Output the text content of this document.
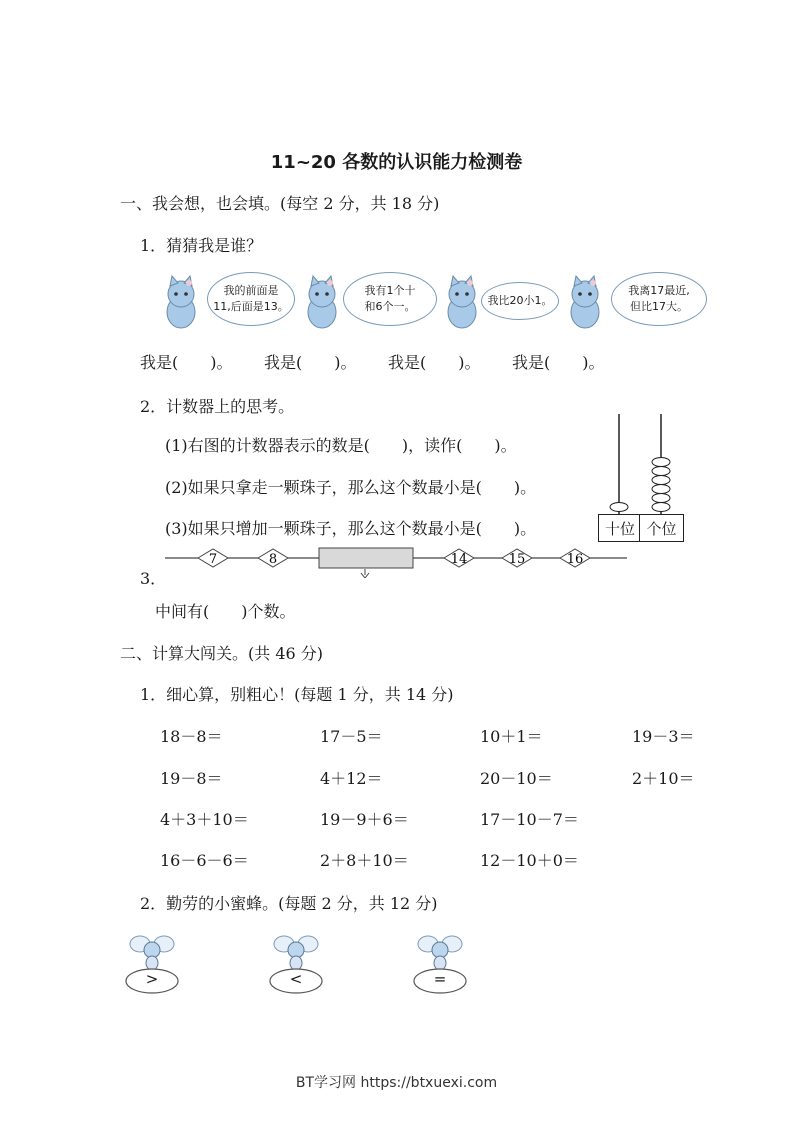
11~20 各数的认识能力检测卷
一、我会想，也会填。(每空 2 分，共 18 分)
1．猜猜我是谁？
我的前面是
11,后面是13。
我有1个十
和6个一。	我比20小1。
我离17最近,
但比17大。
我是(　　)。 我是(　　)。 我是(　　)。 我是(　　)。
2．计数器上的思考。
(1)右图的计数器表示的数是(　　)，读作(　　)。
(2)如果只拿走一颗珠子，那么这个数最小是(　　)。
(3)如果只增加一颗珠子，那么这个数最小是(　　)。	十位 个位
3．
7	8	14	15	16
中间有(　　)个数。
二、计算大闯关。(共 46 分)
1．细心算，别粗心！(每题 1 分，共 14 分)
18－8＝	17－5＝	10＋1＝	19－3＝
19－8＝	4＋12＝	20－10＝	2＋10＝
4＋3＋10＝	19－9＋6＝	17－10－7＝
16－6－6＝	2＋8＋10＝	12－10＋0＝
2．勤劳的小蜜蜂。(每题 2 分，共 12 分)
>	<	=
BT学习网 https://btxuexi.com
